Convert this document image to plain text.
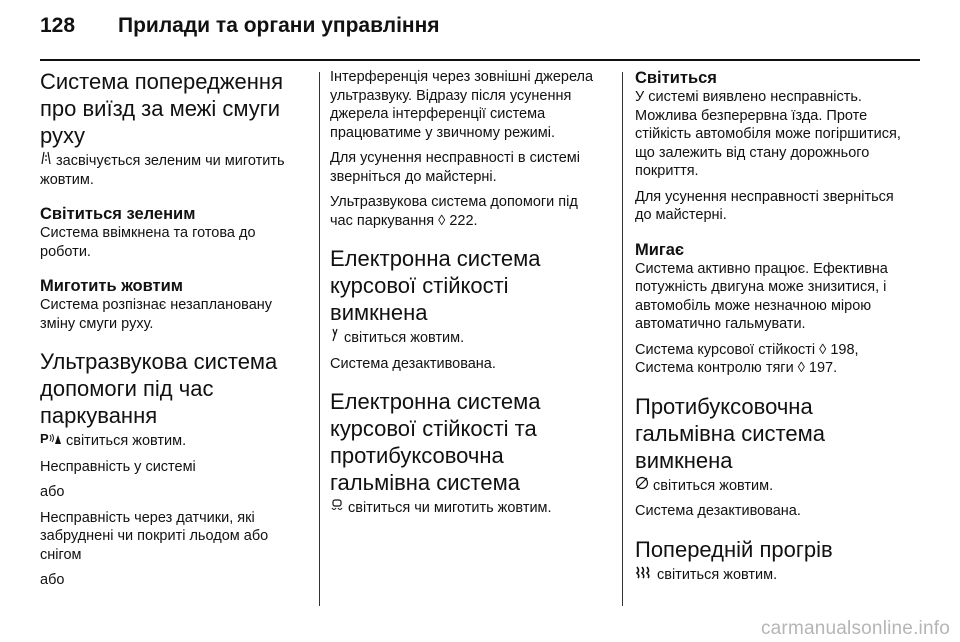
128 Прилади та органи управління
Система попередження про виїзд за межі смуги руху

засвічується зеленим чи миготить жовтим.

Світиться зеленим

Система ввімкнена та готова до роботи.

Миготить жовтим

Система розпізнає незаплановану зміну смуги руху.

Ультразвукова система допомоги під час паркування

P світиться жовтим.

Несправність у системі

або

Несправність через датчики, які забруднені чи покриті льодом або снігом

або

Інтерференція через зовнішні джерела ультразвуку. Відразу після усунення джерела інтерференції система працюватиме у звичному режимі.

Для усунення несправності в системі зверніться до майстерні.

Ультразвукова система допомоги під час паркування ◊ 222.

Електронна система курсової стійкості вимкнена

світиться жовтим.

Система дезактивована.

Електронна система курсової стійкості та протибуксовочна гальмівна система

світиться чи миготить жовтим.

Світиться

У системі виявлено несправність. Можлива безперервна їзда. Проте стійкість автомобіля може погіршитися, що залежить від стану дорожнього покриття.

Для усунення несправності зверніться до майстерні.

Мигає

Система активно працює. Ефективна потужність двигуна може знизитися, і автомобіль може незначною мірою автоматично гальмувати.

Система курсової стійкості ◊ 198, Система контролю тяги ◊ 197.

Протибуксовочна гальмівна система вимкнена

світиться жовтим.

Система дезактивована.

Попередній прогрів

світиться жовтим.

carmanualsonline.info
